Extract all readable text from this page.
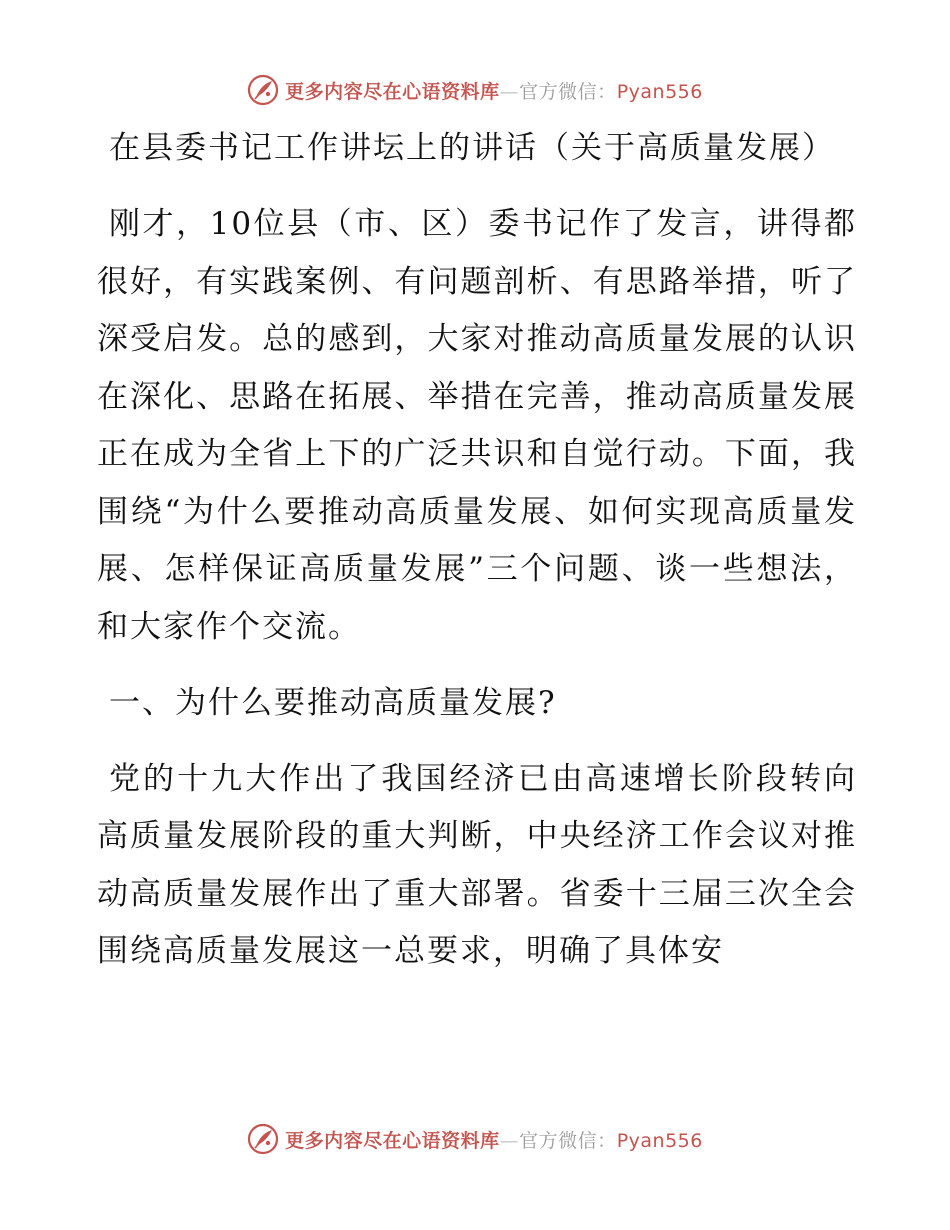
更多内容尽在心语资料库—官方微信：Pyan556
在县委书记工作讲坛上的讲话（关于高质量发展）

刚才，10位县（市、区）委书记作了发言，讲得都很好，有实践案例、有问题剖析、有思路举措，听了深受启发。总的感到，大家对推动高质量发展的认识在深化、思路在拓展、举措在完善，推动高质量发展正在成为全省上下的广泛共识和自觉行动。下面，我围绕“为什么要推动高质量发展、如何实现高质量发展、怎样保证高质量发展”三个问题、谈一些想法，和大家作个交流。

一、为什么要推动高质量发展?

党的十九大作出了我国经济已由高速增长阶段转向高质量发展阶段的重大判断，中央经济工作会议对推动高质量发展作出了重大部署。省委十三届三次全会围绕高质量发展这一总要求，明确了具体安

更多内容尽在心语资料库—官方微信：Pyan556
